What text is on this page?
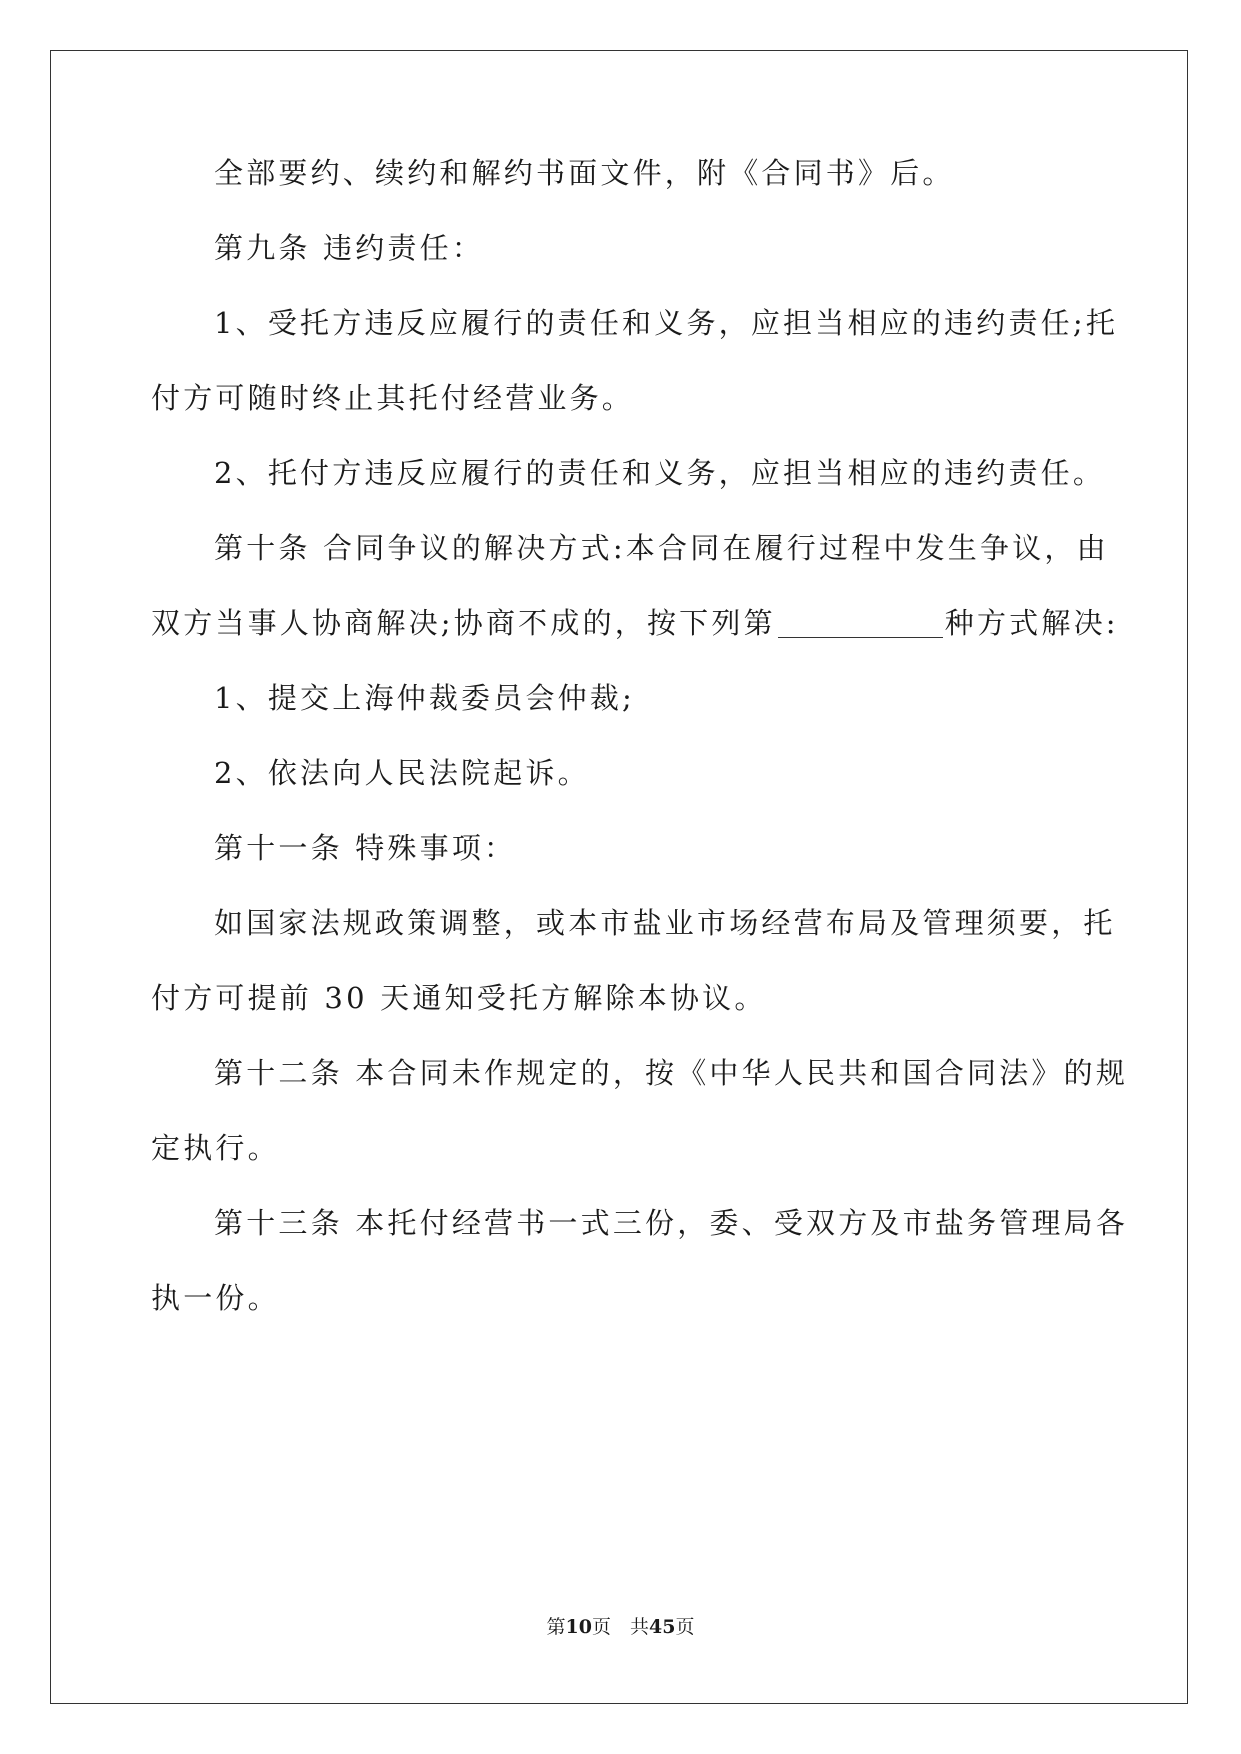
全部要约、续约和解约书面文件，附《合同书》后。
第九条 违约责任：
1、受托方违反应履行的责任和义务，应担当相应的违约责任;托
付方可随时终止其托付经营业务。
2、托付方违反应履行的责任和义务，应担当相应的违约责任。
第十条 合同争议的解决方式:本合同在履行过程中发生争议，由
双方当事人协商解决;协商不成的，按下列第	种方式解决:
1、提交上海仲裁委员会仲裁;
2、依法向人民法院起诉。
第十一条 特殊事项：
如国家法规政策调整，或本市盐业市场经营布局及管理须要，托
付方可提前 30 天通知受托方解除本协议。
第十二条 本合同未作规定的，按《中华人民共和国合同法》的规
定执行。
第十三条 本托付经营书一式三份，委、受双方及市盐务管理局各
执一份。
第10页　共45页
